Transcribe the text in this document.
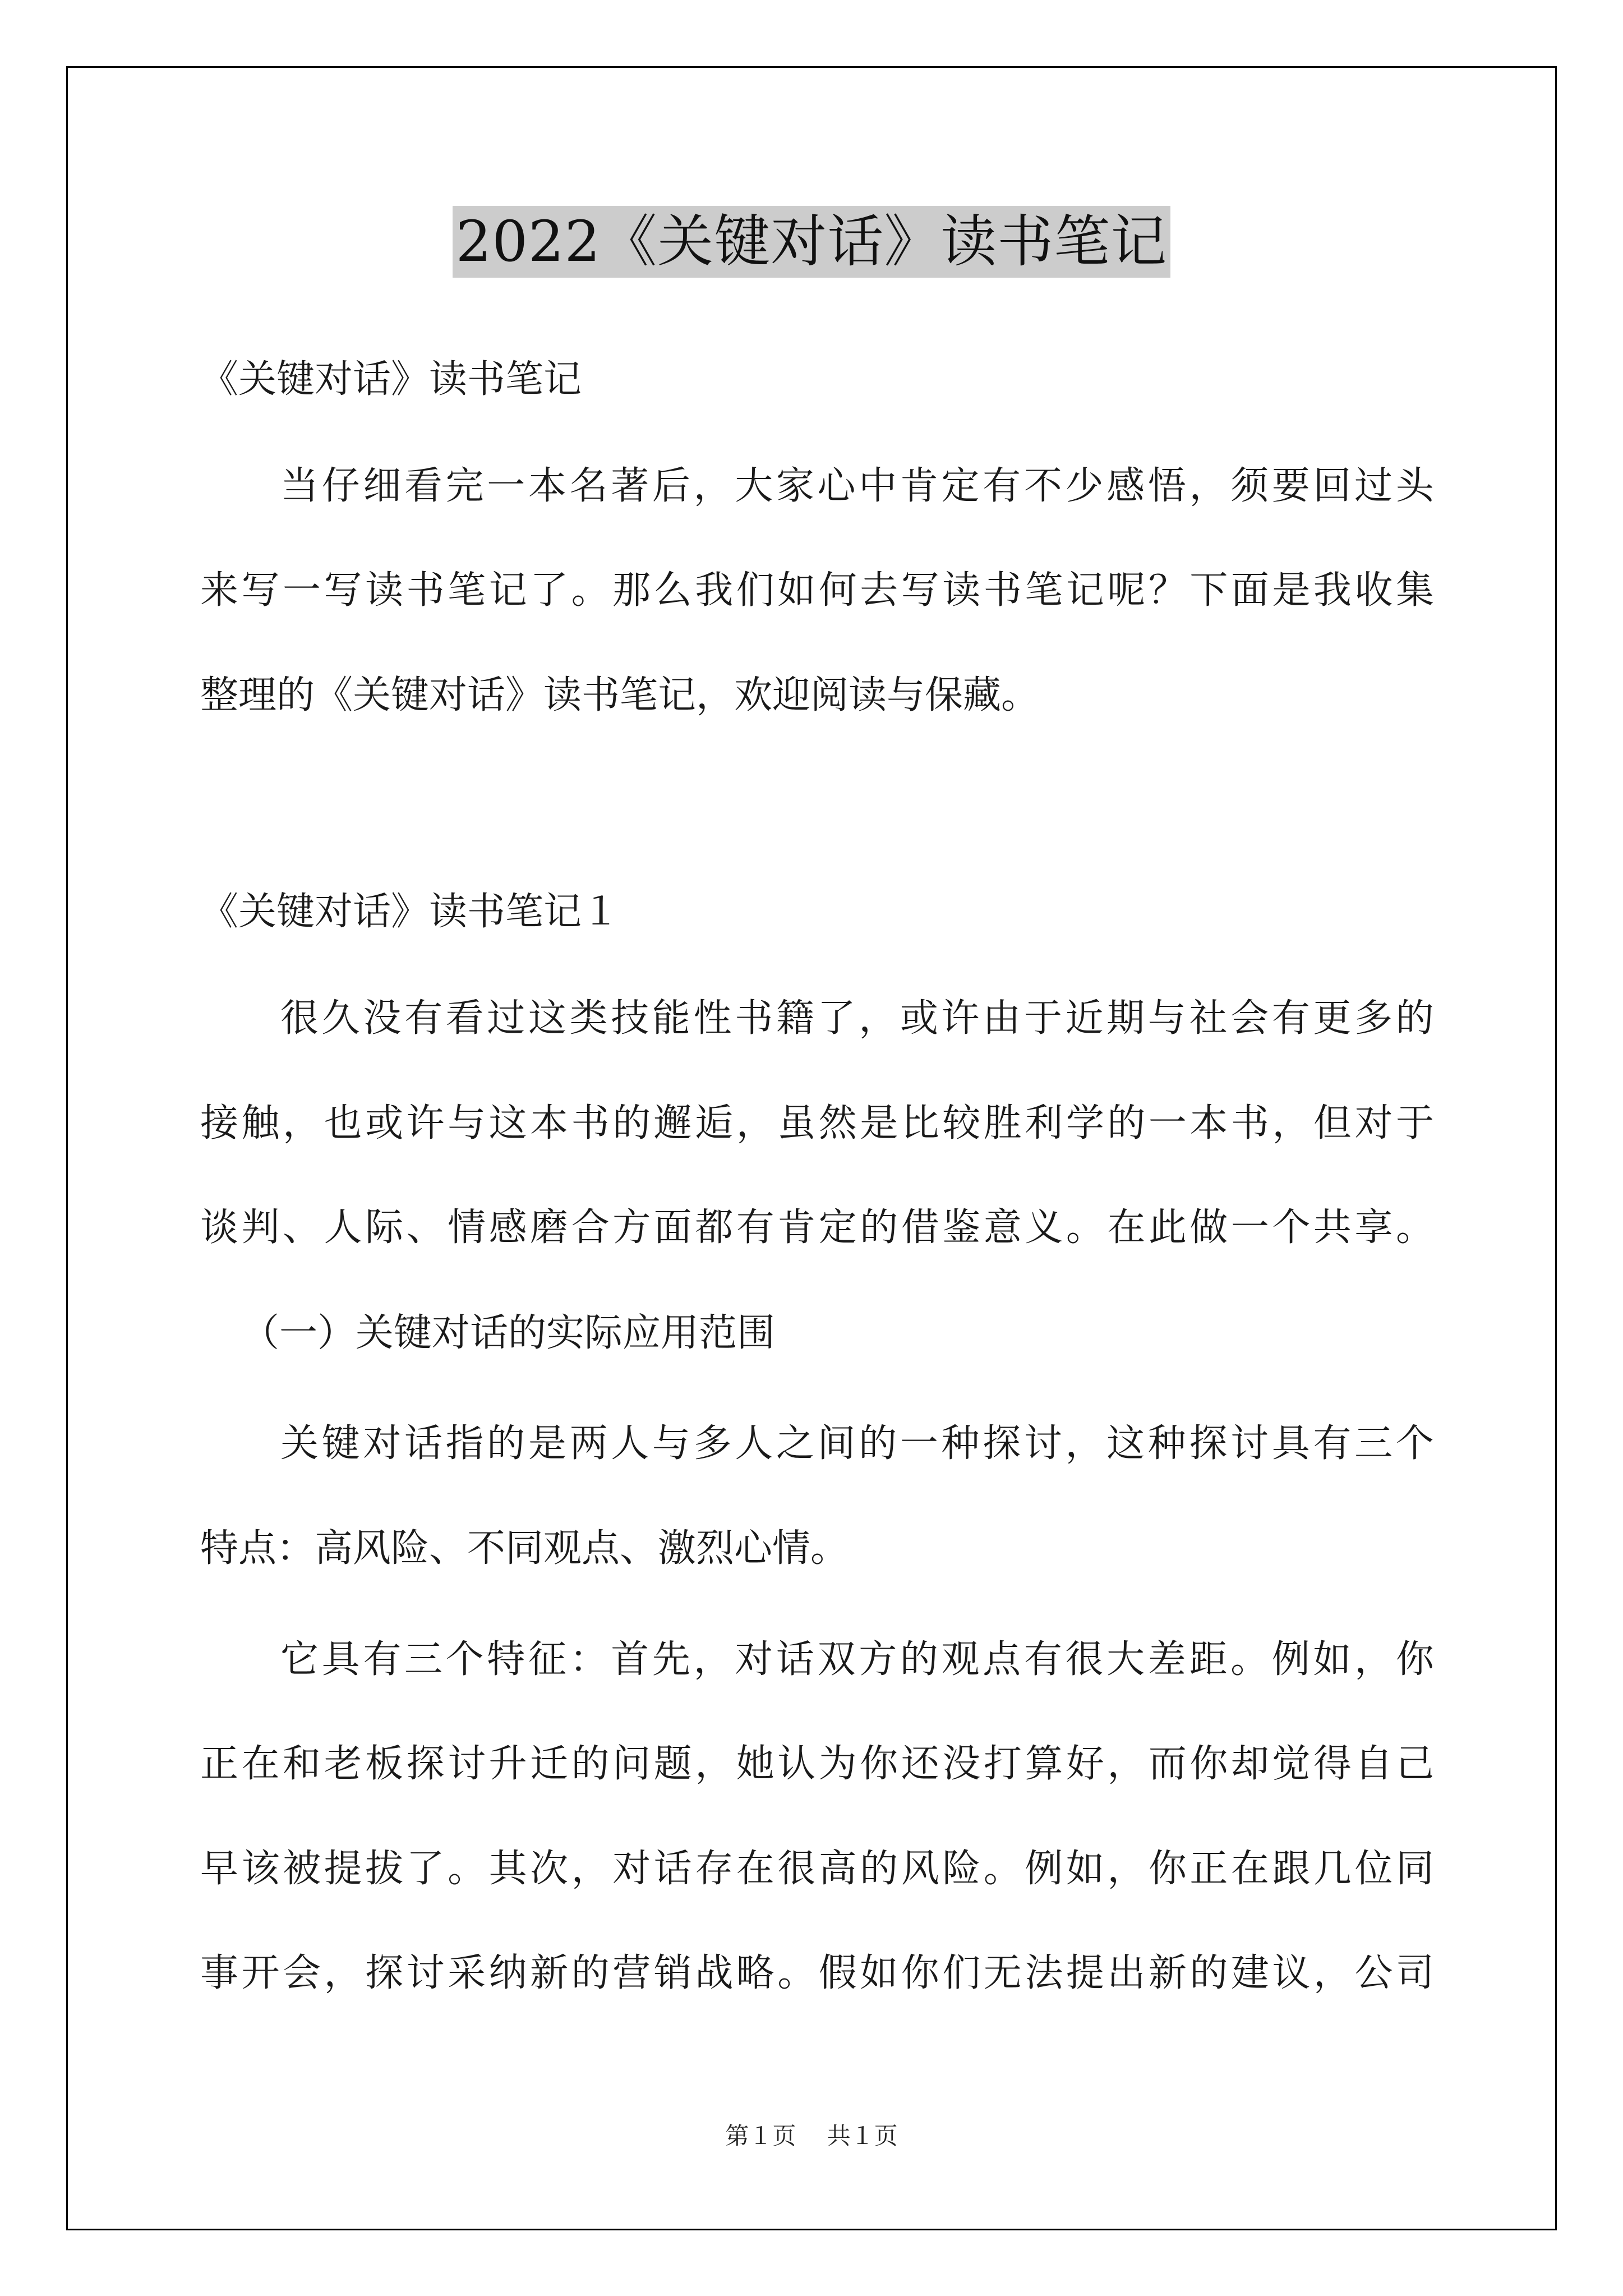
2022《关键对话》读书笔记
《关键对话》读书笔记
当 仔 细 看 完 一 本 名 著 后 ， 大 家 心 中 肯 定 有 不 少 感 悟 ， 须 要 回 过 头
来 写 一 写 读 书 笔 记 了 。 那 么 我 们 如 何 去 写 读 书 笔 记 呢 ？ 下 面 是 我 收 集
整理的《关键对话》读书笔记，欢迎阅读与保藏。
《关键对话》读书笔记１
很 久 没 有 看 过 这 类 技 能 性 书 籍 了 ， 或 许 由 于 近 期 与 社 会 有 更 多 的
接 触 ， 也 或 许 与 这 本 书 的 邂 逅 ， 虽 然 是 比 较 胜 利 学 的 一 本 书 ， 但 对 于
谈 判 、 人 际 、 情 感 磨 合 方 面 都 有 肯 定 的 借 鉴 意 义 。 在 此 做 一 个 共 享 。
（一）关键对话的实际应用范围
关 键 对 话 指 的 是 两 人 与 多 人 之 间 的 一 种 探 讨 ， 这 种 探 讨 具 有 三 个
特点：高风险、不同观点、激烈心情。
它 具 有 三 个 特 征 ： 首 先 ， 对 话 双 方 的 观 点 有 很 大 差 距 。 例 如 ， 你
正 在 和 老 板 探 讨 升 迁 的 问 题 ， 她 认 为 你 还 没 打 算 好 ， 而 你 却 觉 得 自 己
早 该 被 提 拔 了 。 其 次 ， 对 话 存 在 很 高 的 风 险 。 例 如 ， 你 正 在 跟 几 位 同
事 开 会 ， 探 讨 采 纳 新 的 营 销 战 略 。 假 如 你 们 无 法 提 出 新 的 建 议 ， 公 司
第１页　 共１页
